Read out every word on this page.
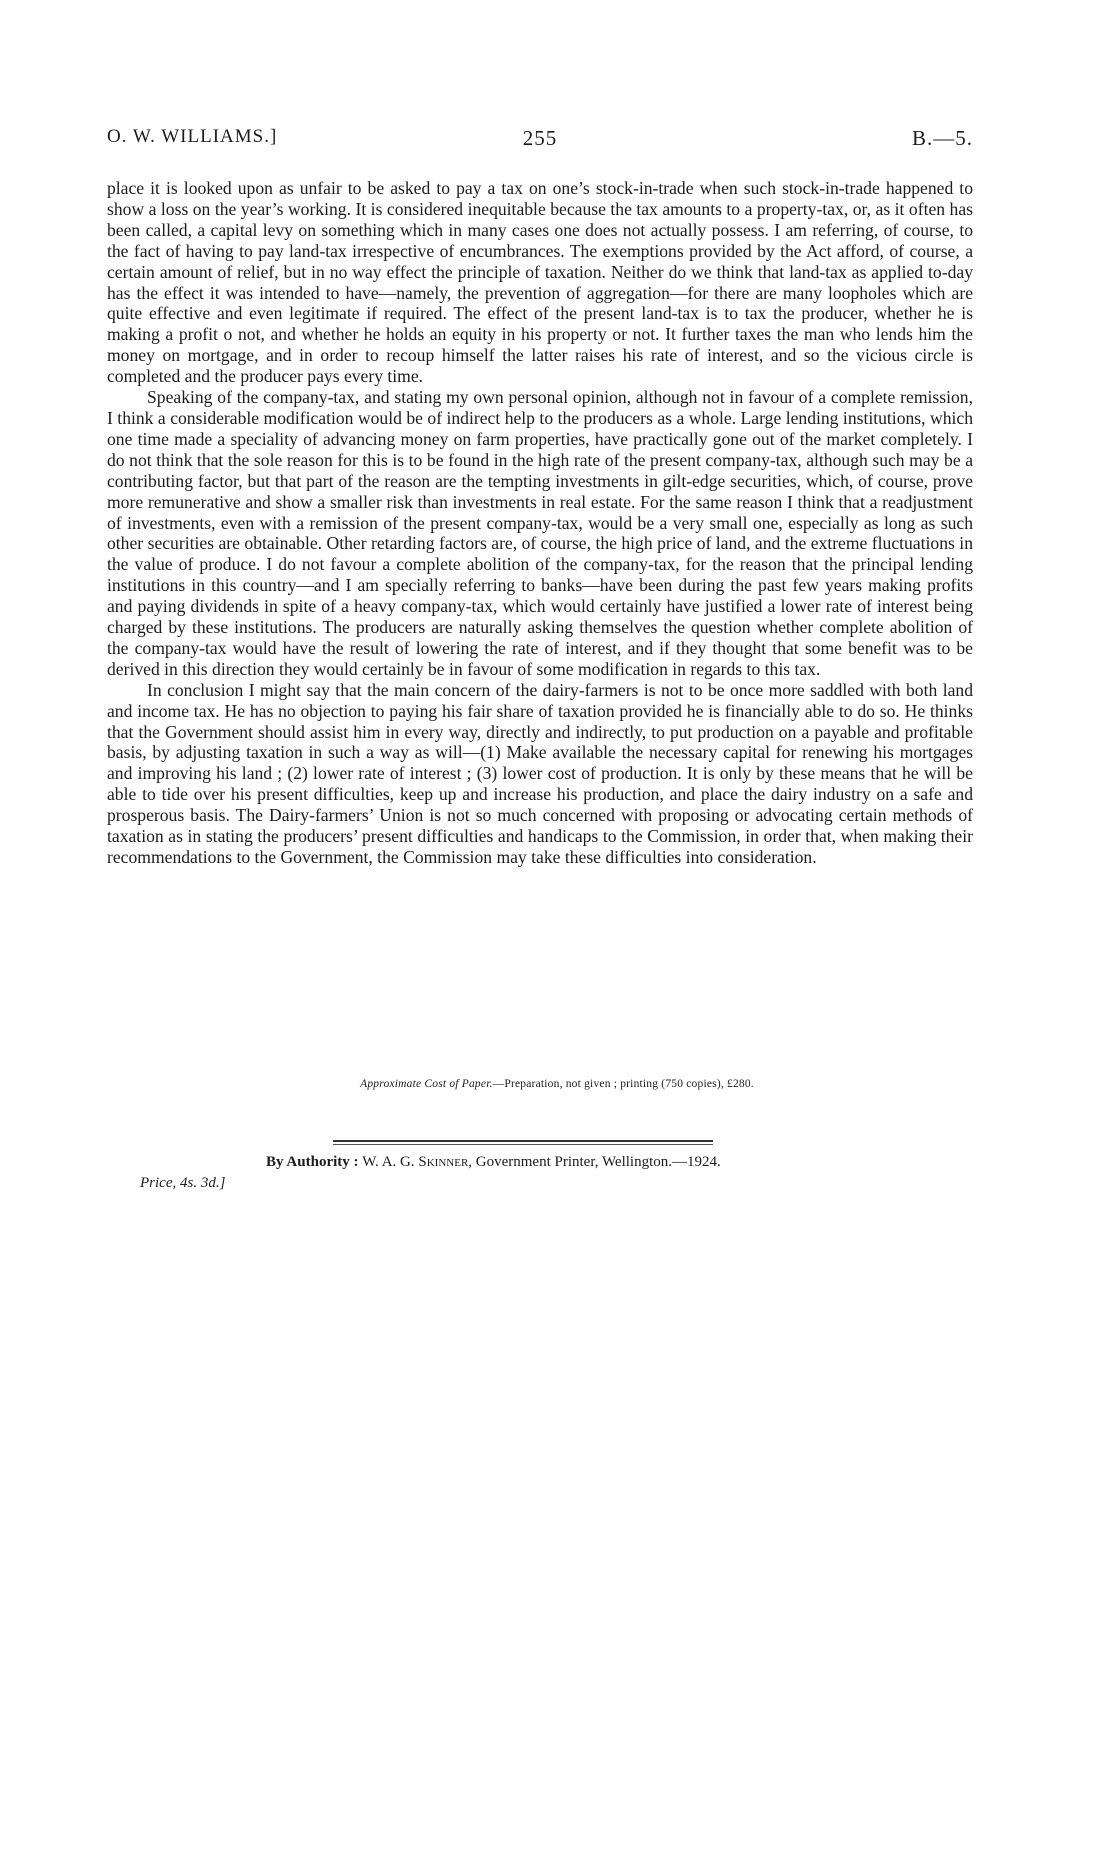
O. W. WILLIAMS.]	255	B.—5.

place it is looked upon as unfair to be asked to pay a tax on one’s stock-in-trade when such stock-in-trade happened to show a loss on the year’s working. It is considered inequitable because the tax amounts to a property-tax, or, as it often has been called, a capital levy on something which in many cases one does not actually possess. I am referring, of course, to the fact of having to pay land-tax irrespective of encumbrances. The exemptions provided by the Act afford, of course, a certain amount of relief, but in no way effect the principle of taxation. Neither do we think that land-tax as applied to-day has the effect it was intended to have—namely, the prevention of aggregation—for there are many loopholes which are quite effective and even legitimate if required. The effect of the present land-tax is to tax the producer, whether he is making a profit o not, and whether he holds an equity in his property or not. It further taxes the man who lends him the money on mortgage, and in order to recoup himself the latter raises his rate of interest, and so the vicious circle is completed and the producer pays every time.

Speaking of the company-tax, and stating my own personal opinion, although not in favour of a complete remission, I think a considerable modification would be of indirect help to the producers as a whole. Large lending institutions, which one time made a speciality of advancing money on farm properties, have practically gone out of the market completely. I do not think that the sole reason for this is to be found in the high rate of the present company-tax, although such may be a contributing factor, but that part of the reason are the tempting investments in gilt-edge securities, which, of course, prove more remunerative and show a smaller risk than investments in real estate. For the same reason I think that a readjustment of investments, even with a remission of the present company-tax, would be a very small one, especially as long as such other securities are obtainable. Other retarding factors are, of course, the high price of land, and the extreme fluctuations in the value of produce. I do not favour a complete abolition of the company-tax, for the reason that the principal lending institutions in this country—and I am specially referring to banks—have been during the past few years making profits and paying dividends in spite of a heavy company-tax, which would certainly have justified a lower rate of interest being charged by these institutions. The producers are naturally asking themselves the question whether complete abolition of the company-tax would have the result of lowering the rate of interest, and if they thought that some benefit was to be derived in this direction they would certainly be in favour of some modification in regards to this tax.

In conclusion I might say that the main concern of the dairy-farmers is not to be once more saddled with both land and income tax. He has no objection to paying his fair share of taxation provided he is financially able to do so. He thinks that the Government should assist him in every way, directly and indirectly, to put production on a payable and profitable basis, by adjusting taxation in such a way as will—(1) Make available the necessary capital for renewing his mortgages and improving his land ; (2) lower rate of interest ; (3) lower cost of production. It is only by these means that he will be able to tide over his present difficulties, keep up and increase his production, and place the dairy industry on a safe and prosperous basis. The Dairy-farmers’ Union is not so much concerned with proposing or advocating certain methods of taxation as in stating the producers’ present difficulties and handicaps to the Commission, in order that, when making their recommendations to the Government, the Commission may take these difficulties into consideration.

Approximate Cost of Paper.—Preparation, not given ; printing (750 copies), £280.
By Authority : W. A. G. Skinner, Government Printer, Wellington.—1924.
Price, 4s. 3d.]
